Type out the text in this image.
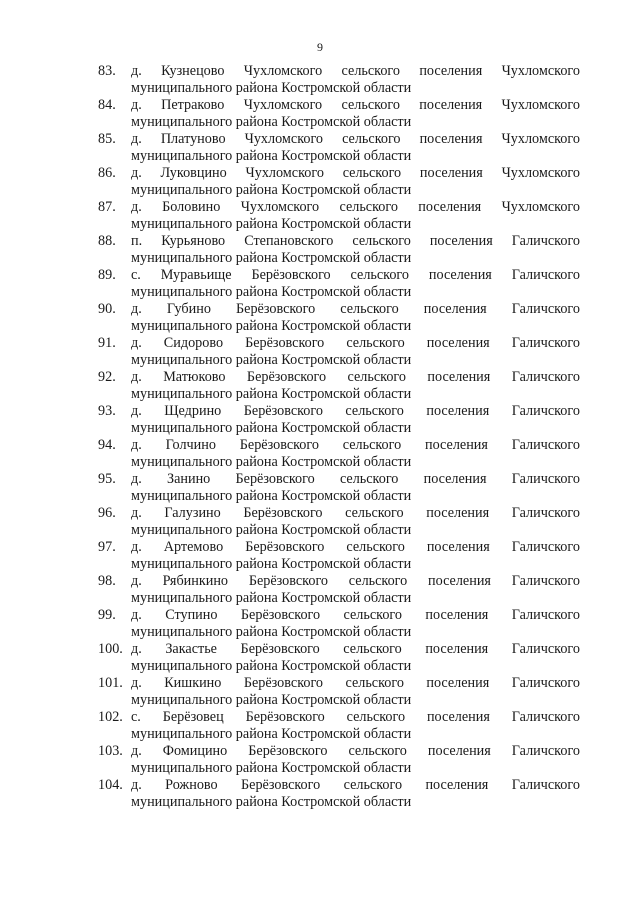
9
83.	д. Кузнецово Чухломского сельского поселения Чухломского
муниципального района Костромской области
84.	д. Петраково Чухломского сельского поселения Чухломского
муниципального района Костромской области
85.	д. Платуново Чухломского сельского поселения Чухломского
муниципального района Костромской области
86.	д. Луковцино Чухломского сельского поселения Чухломского
муниципального района Костромской области
87.	д. Боловино Чухломского сельского поселения Чухломского
муниципального района Костромской области
88.	п. Курьяново Степановского сельского поселения Галичского
муниципального района Костромской области
89.	с. Муравьище Берёзовского сельского поселения Галичского
муниципального района Костромской области
90.	д. Губино Берёзовского сельского поселения Галичского
муниципального района Костромской области
91.	д. Сидорово Берёзовского сельского поселения Галичского
муниципального района Костромской области
92.	д. Матюково Берёзовского сельского поселения Галичского
муниципального района Костромской области
93.	д. Щедрино Берёзовского сельского поселения Галичского
муниципального района Костромской области
94.	д. Голчино Берёзовского сельского поселения Галичского
муниципального района Костромской области
95.	д. Занино Берёзовского сельского поселения Галичского
муниципального района Костромской области
96.	д. Галузино Берёзовского сельского поселения Галичского
муниципального района Костромской области
97.	д. Артемово Берёзовского сельского поселения Галичского
муниципального района Костромской области
98.	д. Рябинкино Берёзовского сельского поселения Галичского
муниципального района Костромской области
99.	д. Ступино Берёзовского сельского поселения Галичского
муниципального района Костромской области
100. д. Закастье Берёзовского сельского поселения Галичского
муниципального района Костромской области
101. д. Кишкино Берёзовского сельского поселения Галичского
муниципального района Костромской области
102. с. Берёзовец Берёзовского сельского поселения Галичского
муниципального района Костромской области
103. д. Фомицино Берёзовского сельского поселения Галичского
муниципального района Костромской области
104. д. Рожново Берёзовского сельского поселения Галичского
муниципального района Костромской области
